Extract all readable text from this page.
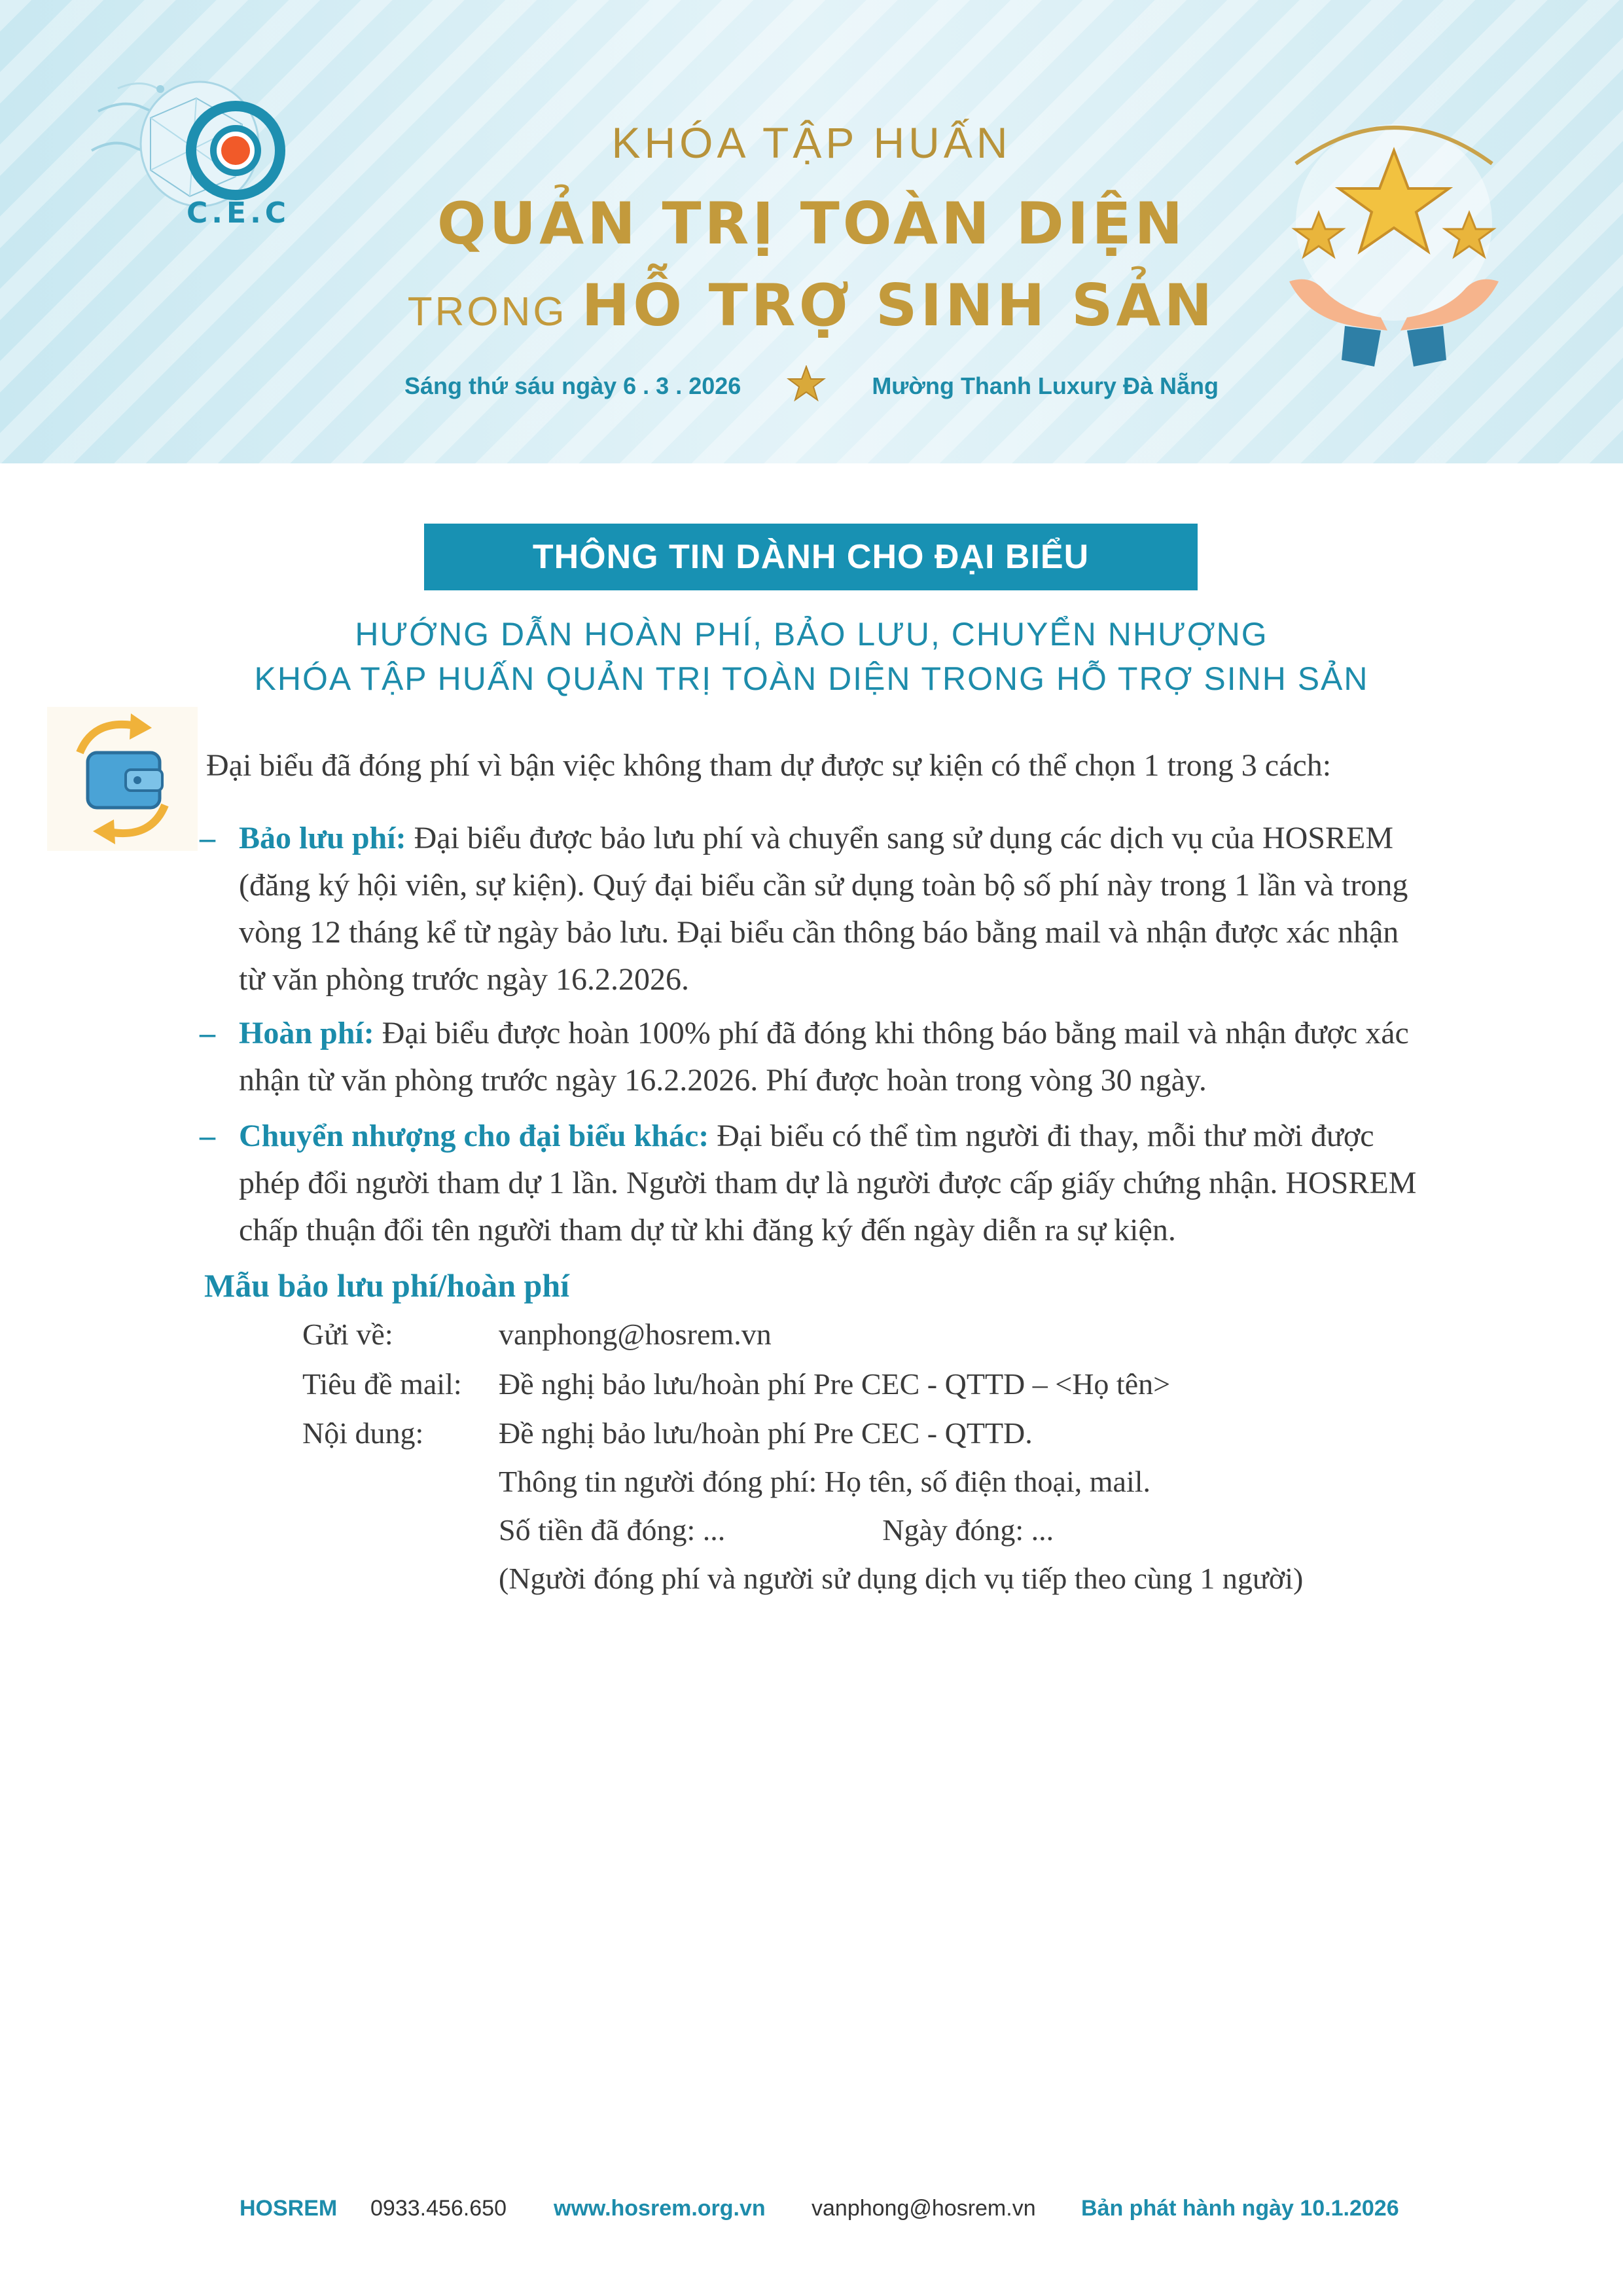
C.E.C
KHÓA TẬP HUẤN
QUẢN TRỊ TOÀN DIỆN
TRONG HỖ TRỢ SINH SẢN
Sáng thứ sáu ngày 6 . 3 . 2026	Mường Thanh Luxury Đà Nẵng
THÔNG TIN DÀNH CHO ĐẠI BIỂU
HƯỚNG DẪN HOÀN PHÍ, BẢO LƯU, CHUYỂN NHƯỢNG
KHÓA TẬP HUẤN QUẢN TRỊ TOÀN DIỆN TRONG HỖ TRỢ SINH SẢN
Đại biểu đã đóng phí vì bận việc không tham dự được sự kiện có thể chọn 1 trong 3 cách:
– Bảo lưu phí: Đại biểu được bảo lưu phí và chuyển sang sử dụng các dịch vụ của HOSREM (đăng ký hội viên, sự kiện). Quý đại biểu cần sử dụng toàn bộ số phí này trong 1 lần và trong vòng 12 tháng kể từ ngày bảo lưu. Đại biểu cần thông báo bằng mail và nhận được xác nhận từ văn phòng trước ngày 16.2.2026.
– Hoàn phí: Đại biểu được hoàn 100% phí đã đóng khi thông báo bằng mail và nhận được xác nhận từ văn phòng trước ngày 16.2.2026. Phí được hoàn trong vòng 30 ngày.
– Chuyển nhượng cho đại biểu khác: Đại biểu có thể tìm người đi thay, mỗi thư mời được phép đổi người tham dự 1 lần. Người tham dự là người được cấp giấy chứng nhận. HOSREM chấp thuận đổi tên người tham dự từ khi đăng ký đến ngày diễn ra sự kiện.
Mẫu bảo lưu phí/hoàn phí
Gửi về:	vanphong@hosrem.vn
Tiêu đề mail: Đề nghị bảo lưu/hoàn phí Pre CEC - QTTD – <Họ tên>
Nội dung: Đề nghị bảo lưu/hoàn phí Pre CEC - QTTD.
Thông tin người đóng phí: Họ tên, số điện thoại, mail.
Số tiền đã đóng: ...	Ngày đóng: ...
(Người đóng phí và người sử dụng dịch vụ tiếp theo cùng 1 người)
HOSREM 0933.456.650 www.hosrem.org.vn vanphong@hosrem.vn Bản phát hành ngày 10.1.2026
